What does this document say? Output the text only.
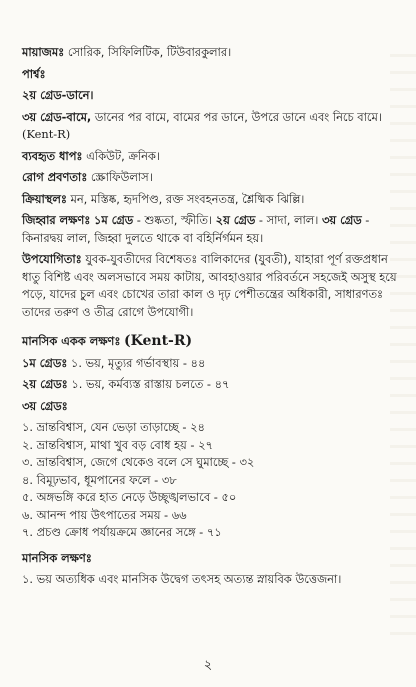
মায়াজমঃ সোরিক, সিফিলিটিক, টিউবারকুলার।

পার্শ্বঃ

২য় গ্রেড-ডানে।

৩য় গ্রেড-বামে, ডানের পর বামে, বামের পর ডানে, উপরে ডানে এবং নিচে বামে। (Kent-R)

ব্যবহৃত ধাপঃ একিউট, ক্রনিক।

রোগ প্রবণতাঃ স্ক্রোফিউলাস।

ক্রিয়াস্থলঃ মন, মস্তিষ্ক, হৃদপিণ্ড, রক্ত সংবহনতন্ত্র, শ্লৈষ্মিক ঝিল্লি।

জিহ্বার লক্ষণঃ ১ম গ্রেড - শুষ্কতা, স্ফীতি। ২য় গ্রেড - সাদা, লাল। ৩য় গ্রেড - কিনারদ্বয় লাল, জিহ্বা দুলতে থাকে বা বহির্নির্গমন হয়।

উপযোগিতাঃ যুবক-যুবতীদের বিশেষতঃ বালিকাদের (যুবতী), যাহারা পূর্ণ রক্তপ্রধান ধাতু বিশিষ্ট এবং অলসভাবে সময় কাটায়, আবহাওয়ার পরিবর্তনে সহজেই অসুস্থ হয়ে পড়ে, যাদের চুল এবং চোখের তারা কাল ও দৃঢ় পেশীতন্ত্রের অধিকারী, সাধারণতঃ তাদের তরুণ ও তীব্র রোগে উপযোগী।

মানসিক একক লক্ষণঃ (Kent-R)

১ম গ্রেডঃ ১. ভয়, মৃত্যুর গর্ভাবস্থায় - ৪৪

২য় গ্রেডঃ ১. ভয়, কর্মব্যস্ত রাস্তায় চলতে - ৪৭

৩য় গ্রেডঃ

১. ভ্রান্তবিশ্বাস, যেন ভেড়া তাড়াচ্ছে - ২৪

২. ভ্রান্তবিশ্বাস, মাথা খুব বড় বোধ হয় - ২৭

৩. ভ্রান্তবিশ্বাস, জেগে থেকেও বলে সে ঘুমাচ্ছে - ৩২

৪. বিমূঢ়ভাব, ধূমপানের ফলে - ৩৮

৫. অঙ্গভঙ্গি করে হাত নেড়ে উচ্ছৃঙ্খলভাবে - ৫০

৬. আনন্দ পায় উৎপাতের সময় - ৬৬

৭. প্রচণ্ড ক্রোধ পর্যায়ক্রমে জ্ঞানের সঙ্গে - ৭১

মানসিক লক্ষণঃ

১. ভয় অত্যধিক এবং মানসিক উদ্বেগ তৎসহ অত্যন্ত স্নায়বিক উত্তেজনা।

২
